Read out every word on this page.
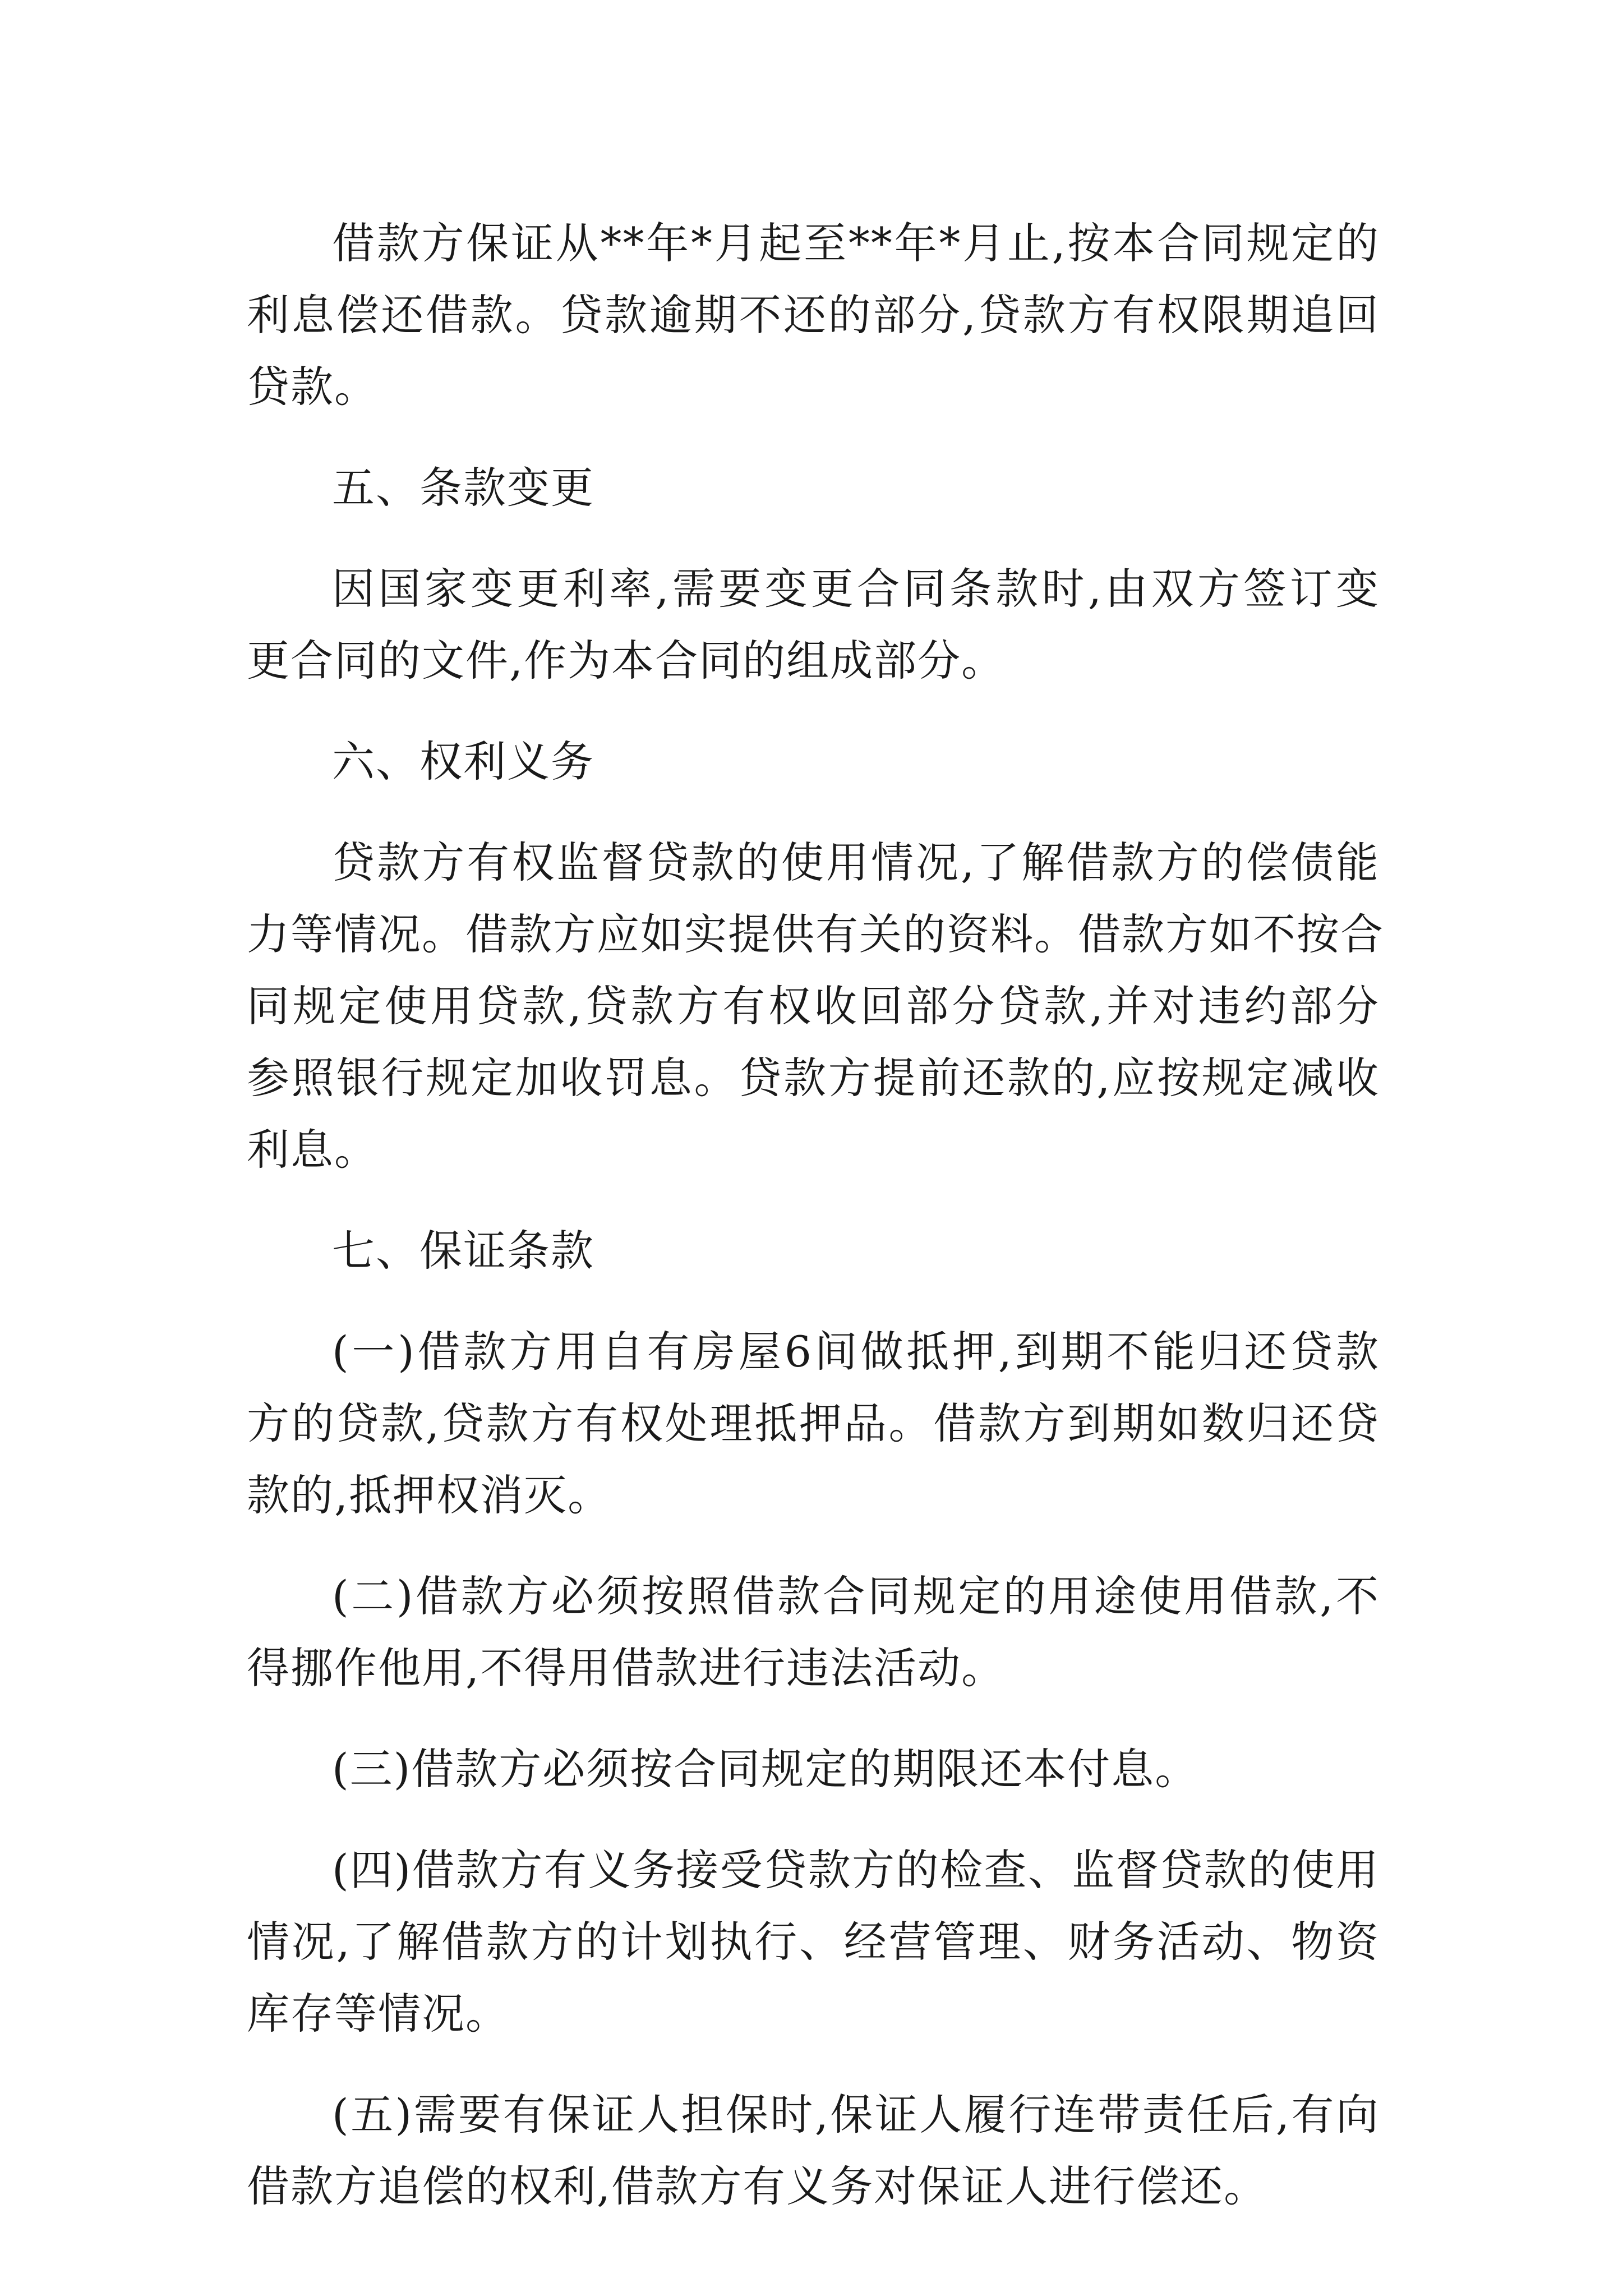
借款方保证从**年*月起至**年*月止,按本合同规定的
利息偿还借款。贷款逾期不还的部分,贷款方有权限期追回
贷款。

五、条款变更

因国家变更利率,需要变更合同条款时,由双方签订变
更合同的文件,作为本合同的组成部分。

六、权利义务

贷款方有权监督贷款的使用情况,了解借款方的偿债能
力等情况。借款方应如实提供有关的资料。借款方如不按合
同规定使用贷款,贷款方有权收回部分贷款,并对违约部分
参照银行规定加收罚息。贷款方提前还款的,应按规定减收
利息。

七、保证条款

(一)借款方用自有房屋6间做抵押,到期不能归还贷款
方的贷款,贷款方有权处理抵押品。借款方到期如数归还贷
款的,抵押权消灭。

(二)借款方必须按照借款合同规定的用途使用借款,不
得挪作他用,不得用借款进行违法活动。

(三)借款方必须按合同规定的期限还本付息。

(四)借款方有义务接受贷款方的检查、监督贷款的使用
情况,了解借款方的计划执行、经营管理、财务活动、物资
库存等情况。

(五)需要有保证人担保时,保证人履行连带责任后,有向
借款方追偿的权利,借款方有义务对保证人进行偿还。
